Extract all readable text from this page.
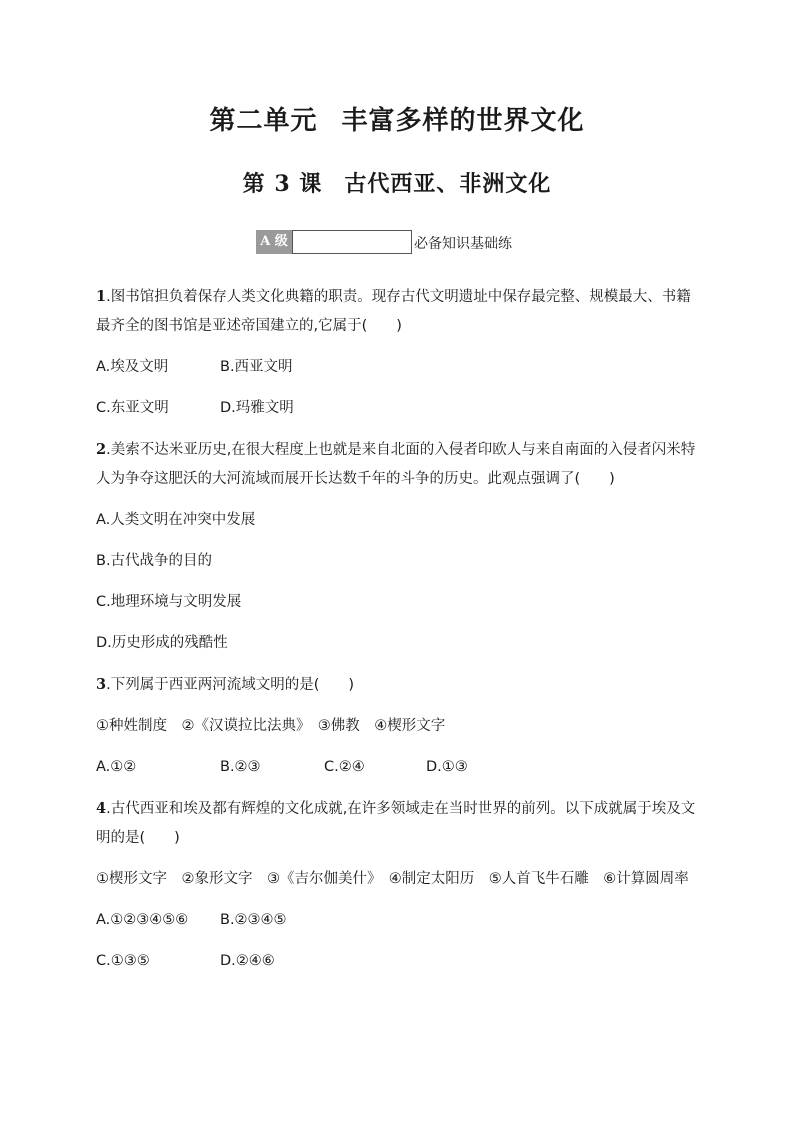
第二单元 丰富多样的世界文化
第 3 课 古代西亚、非洲文化
A 级	必备知识基础练

1.图书馆担负着保存人类文化典籍的职责。现存古代文明遗址中保存最完整、规模最大、书籍最齐全的图书馆是亚述帝国建立的,它属于(　　)

A.埃及文明	B.西亚文明
C.东亚文明	D.玛雅文明

2.美索不达米亚历史,在很大程度上也就是来自北面的入侵者印欧人与来自南面的入侵者闪米特人为争夺这肥沃的大河流域而展开长达数千年的斗争的历史。此观点强调了(　　)

A.人类文明在冲突中发展
B.古代战争的目的
C.地理环境与文明发展
D.历史形成的残酷性

3.下列属于西亚两河流域文明的是(　　)

①种姓制度　②《汉谟拉比法典》　③佛教　④楔形文字
A.①②	B.②③	C.②④	D.①③

4.古代西亚和埃及都有辉煌的文化成就,在许多领域走在当时世界的前列。以下成就属于埃及文明的是(　　)

①楔形文字　②象形文字　③《吉尔伽美什》　④制定太阳历　⑤人首飞牛石雕　⑥计算圆周率
A.①②③④⑤⑥ B.②③④⑤
C.①③⑤	D.②④⑥
